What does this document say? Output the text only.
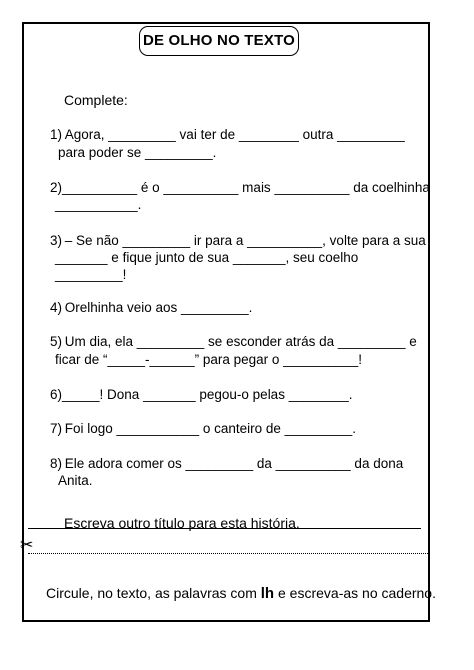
DE OLHO NO TEXTO
Complete:
1) Agora, _________ vai ter de ________ outra _________
para poder se _________.
2)__________ é o __________ mais __________ da coelhinha
___________.
3) – Se não _________ ir para a __________, volte para a sua
_______ e fique junto de sua _______, seu coelho
_________!
4) Orelhinha veio aos _________.
5) Um dia, ela _________ se esconder atrás da _________ e
ficar de “_____-______” para pegar o __________!
6)_____! Dona _______ pegou-o pelas ________.
7) Foi logo ___________ o canteiro de _________.
8) Ele adora comer os _________ da __________ da dona
Anita.
Escreva outro título para esta história.
✂
Circule, no texto, as palavras com lh e escreva-as no caderno.
